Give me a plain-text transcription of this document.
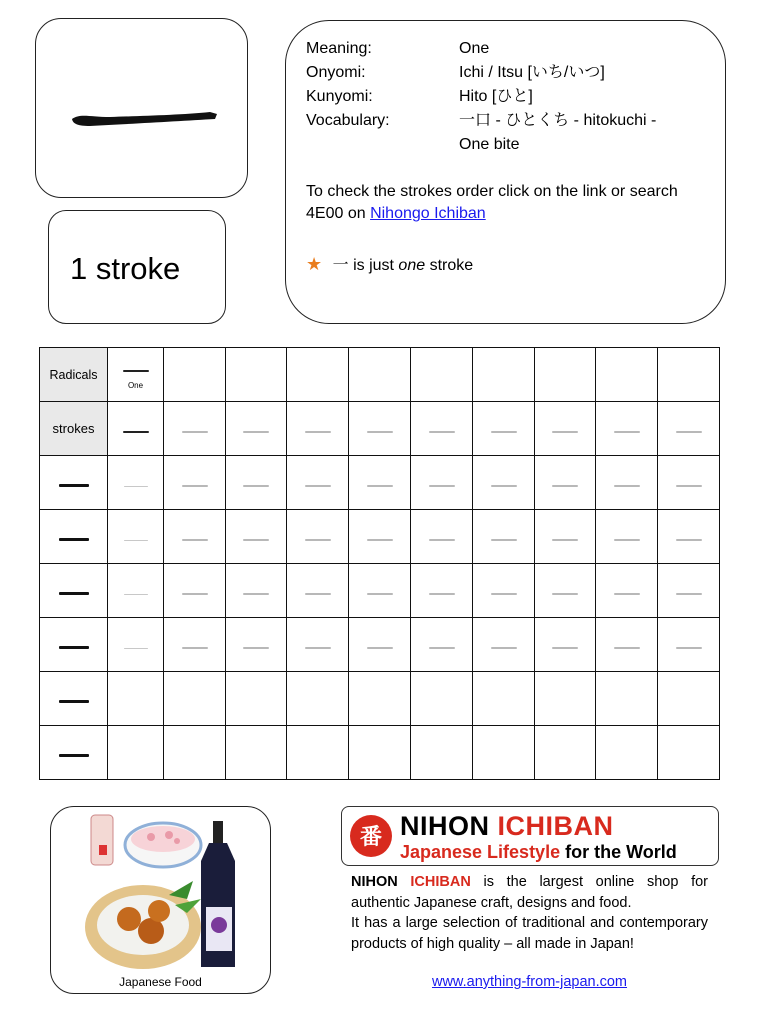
1 stroke
Meaning:	One
Onyomi:	Ichi / Itsu [いち/いつ]
Kunyomi:	Hito [ひと]
Vocabulary:	一口 - ひとくち - hitokuchi -
One bite
To check the strokes order click on the link or search 4E00 on Nihongo Ichiban
★ 一 is just one stroke
Radicals	One									

strokes										

Japanese Food
番 NIHON ICHIBAN
Japanese Lifestyle for the World
NIHON ICHIBAN is the largest online shop for authentic Japanese craft, designs and food.
It has a large selection of traditional and contemporary products of high quality – all made in Japan!
www.anything-from-japan.com
